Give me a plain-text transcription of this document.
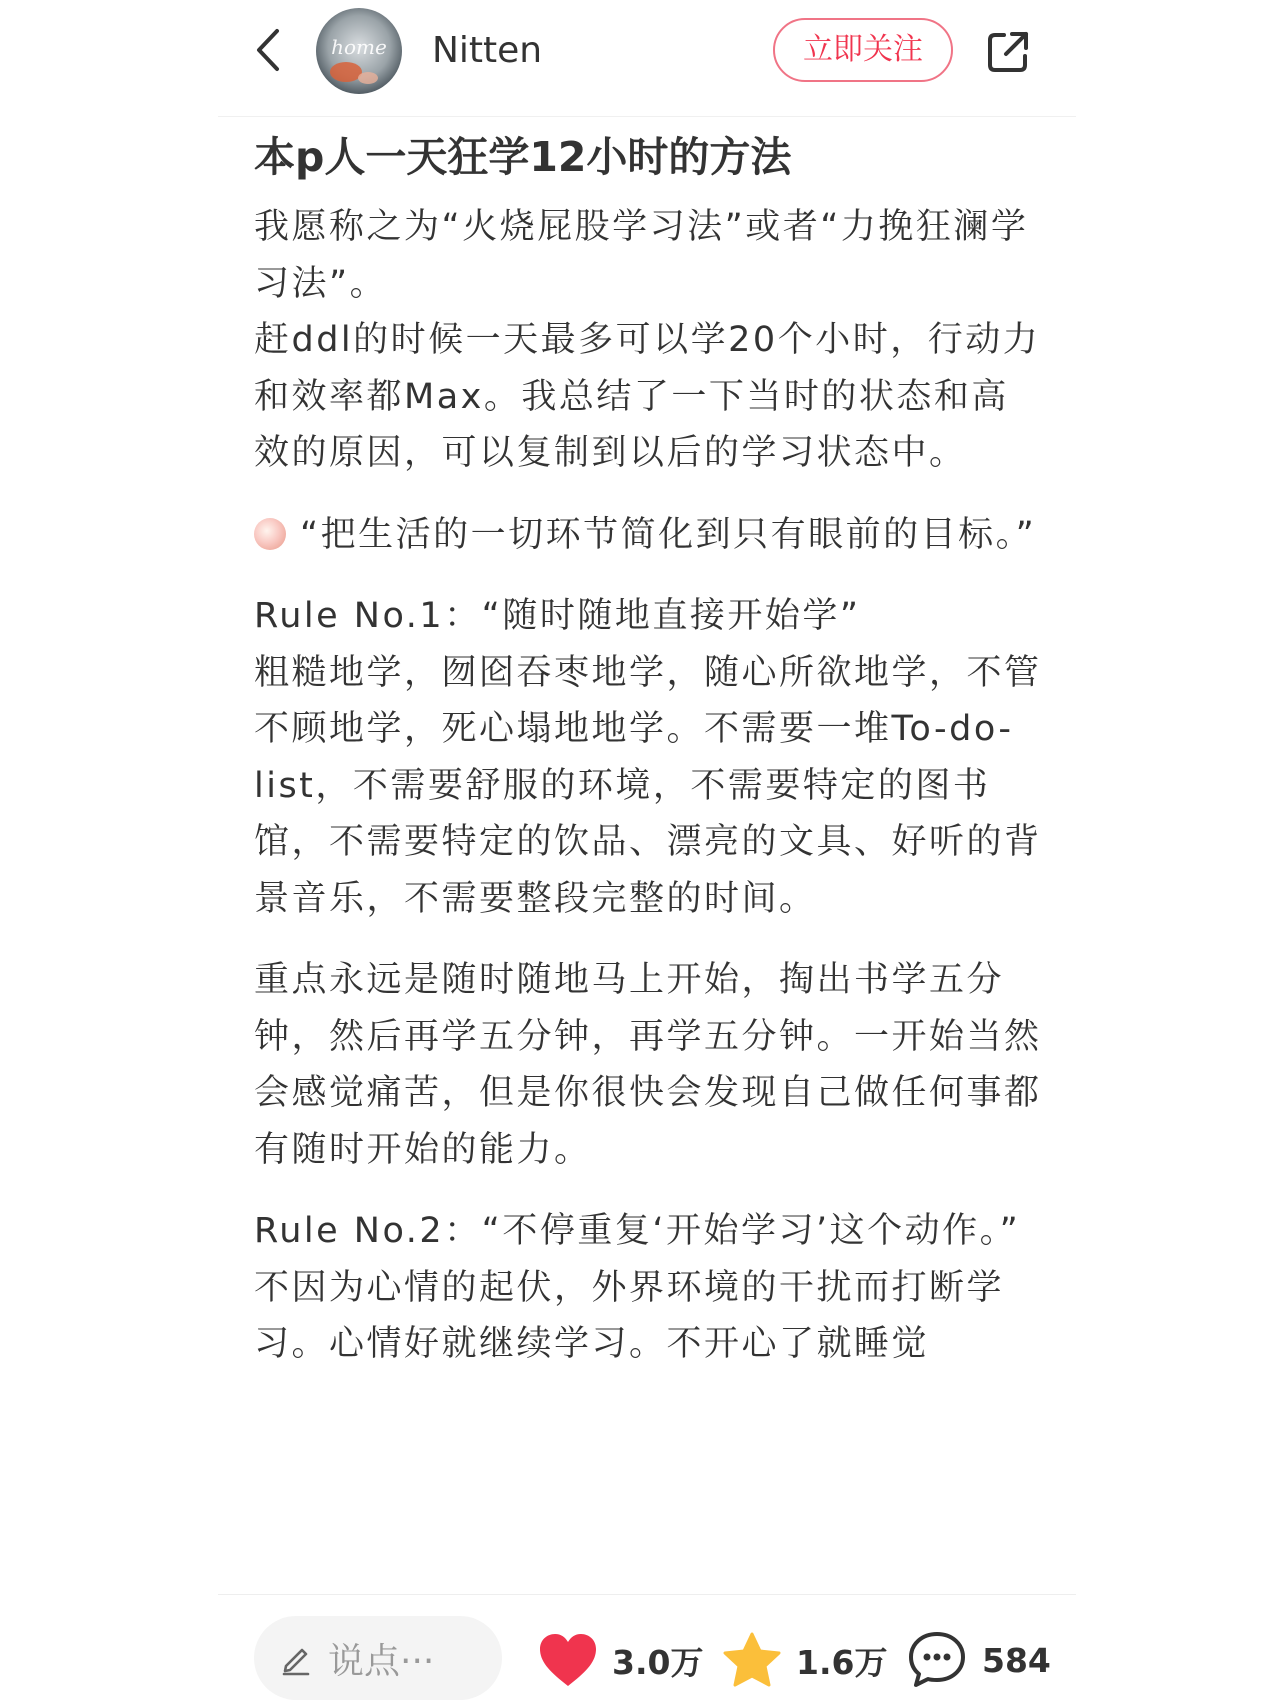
home Nitten	立即关注
本p人一天狂学12小时的方法

我愿称之为“火烧屁股学习法”或者“力挽狂澜学习法”。

赶ddl的时候一天最多可以学20个小时，行动力和效率都Max。我总结了一下当时的状态和高效的原因，可以复制到以后的学习状态中。

“把生活的一切环节简化到只有眼前的目标。”

Rule No.1：“随时随地直接开始学”

粗糙地学，囫囵吞枣地学，随心所欲地学，不管不顾地学，死心塌地地学。不需要一堆To-do-list，不需要舒服的环境，不需要特定的图书馆，不需要特定的饮品、漂亮的文具、好听的背景音乐，不需要整段完整的时间。

重点永远是随时随地马上开始，掏出书学五分钟，然后再学五分钟，再学五分钟。一开始当然会感觉痛苦，但是你很快会发现自己做任何事都有随时开始的能力。

Rule No.2：“不停重复‘开始学习’这个动作。”

不因为心情的起伏，外界环境的干扰而打断学习。心情好就继续学习。不开心了就睡觉

说点···	3.0万	1.6万	584
